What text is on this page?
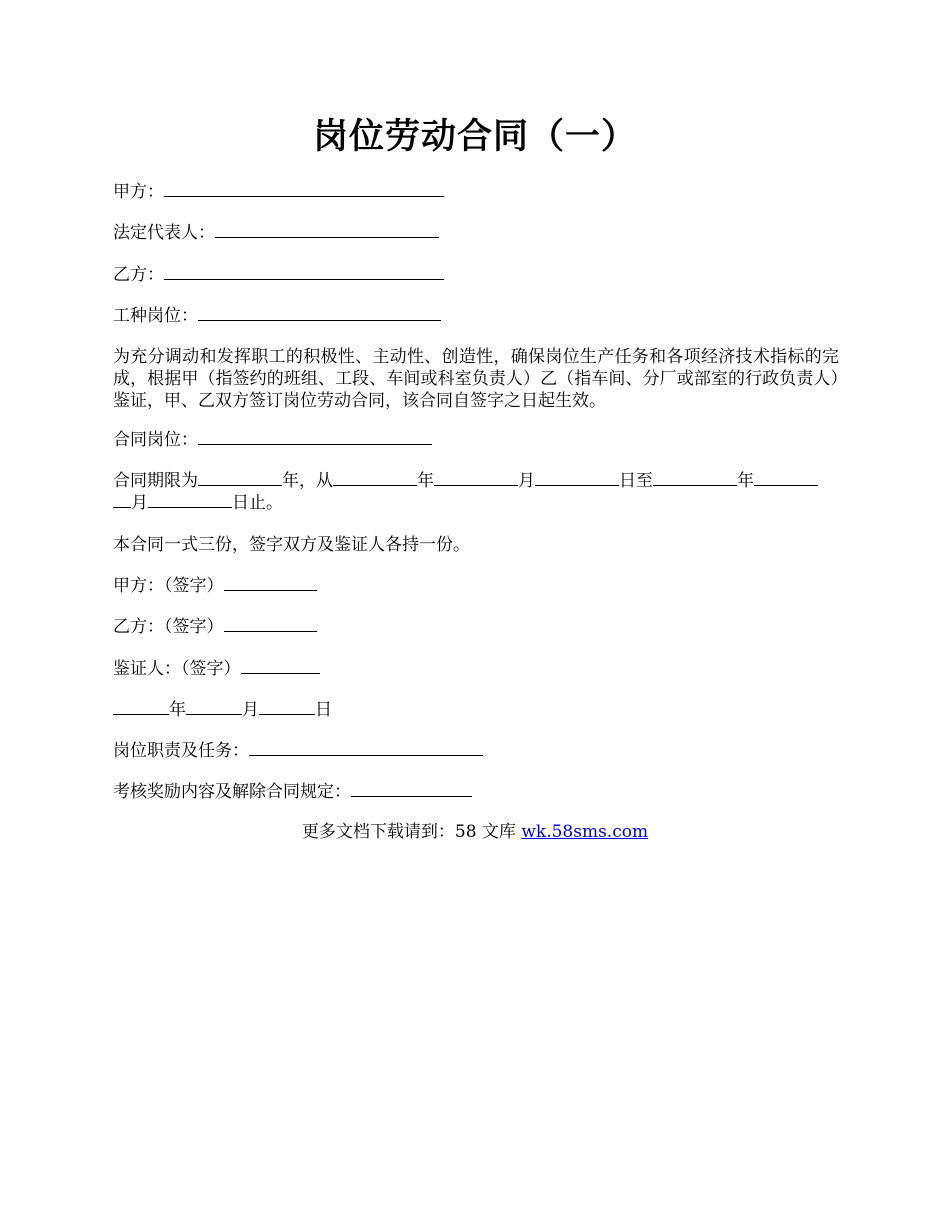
岗位劳动合同（一）
甲方：
法定代表人：
乙方：
工种岗位：
为充分调动和发挥职工的积极性、主动性、创造性，确保岗位生产任务和各项经济技术指标的完成，根据甲（指签约的班组、工段、车间或科室负责人）乙（指车间、分厂或部室的行政负责人）鉴证，甲、乙双方签订岗位劳动合同，该合同自签字之日起生效。
合同岗位：
合同期限为	年，从	年	月	日至	年
月	日止。
本合同一式三份，签字双方及鉴证人各持一份。
甲方：（签字）
乙方：（签字）
鉴证人：（签字）
年	月	日
岗位职责及任务：
考核奖励内容及解除合同规定：
更多文档下载请到：58 文库 wk.58sms.com
